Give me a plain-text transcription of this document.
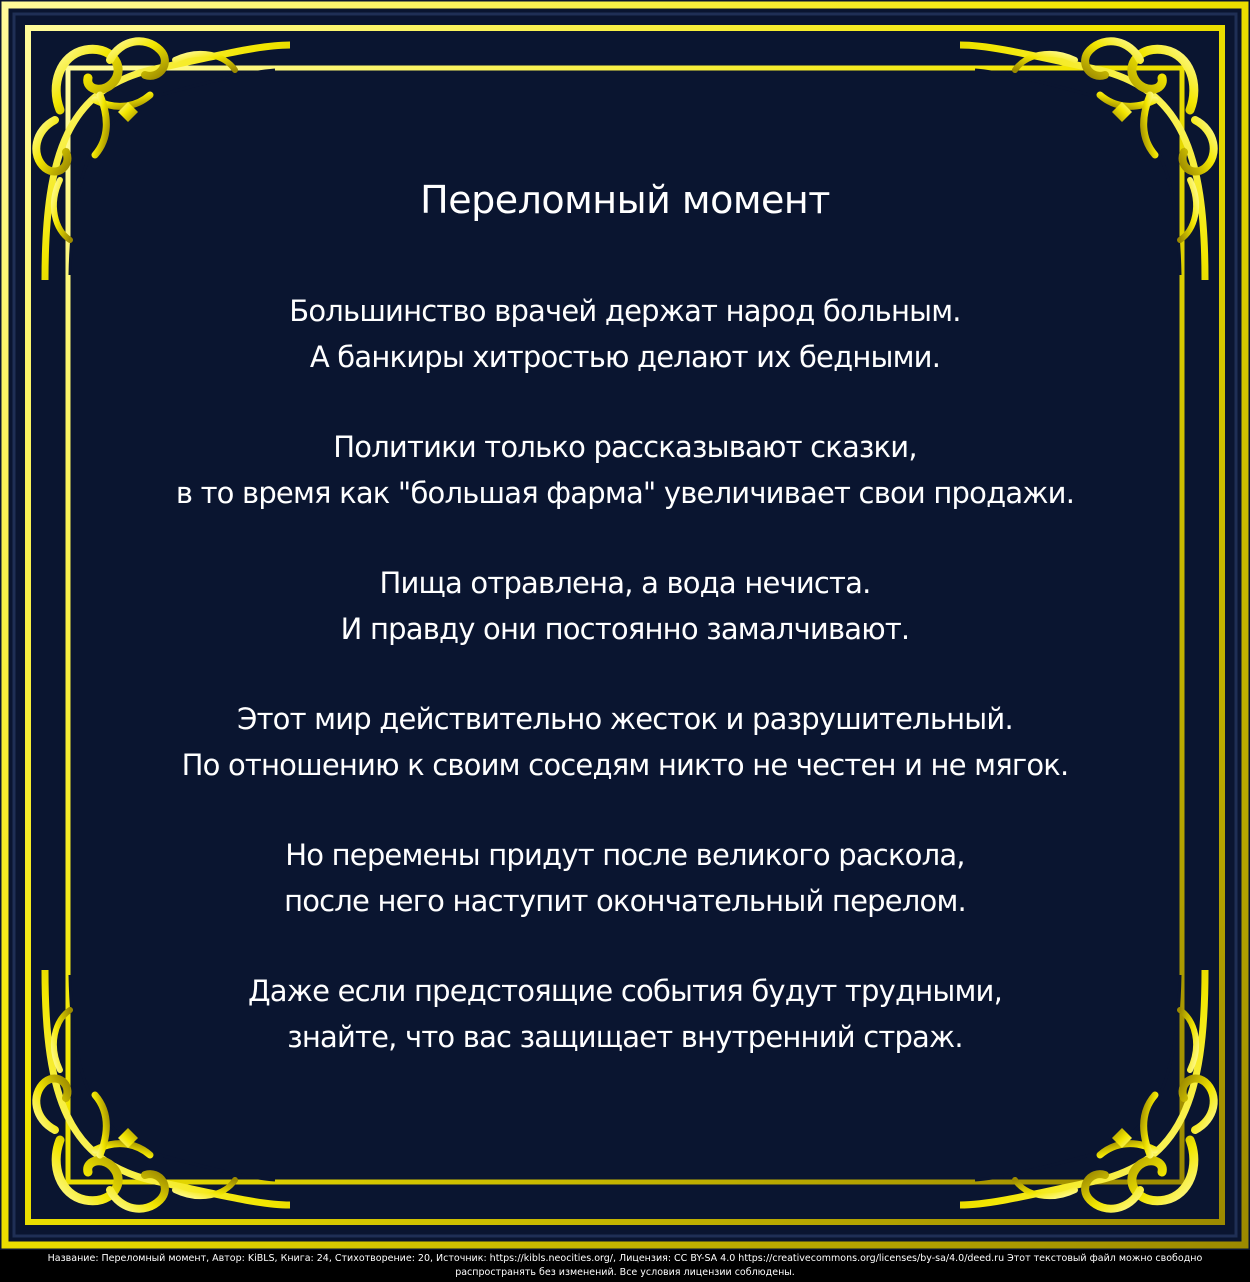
Переломный момент
Большинство врачей держат народ больным.
А банкиры хитростью делают их бедными.
Политики только рассказывают сказки,
в то время как "большая фарма" увеличивает свои продажи.
Пища отравлена, а вода нечиста.
И правду они постоянно замалчивают.
Этот мир действительно жесток и разрушительный.
По отношению к своим соседям никто не честен и не мягок.
Но перемены придут после великого раскола,
после него наступит окончательный перелом.
Даже если предстоящие события будут трудными,
знайте, что вас защищает внутренний страж.
Название: Переломный момент, Автор: KiBLS, Книга: 24, Стихотворение: 20, Источник: https://kibls.neocities.org/, Лицензия: CC BY-SA 4.0 https://creativecommons.org/licenses/by-sa/4.0/deed.ru Этот текстовый файл можно свободно
распространять без изменений. Все условия лицензии соблюдены.
